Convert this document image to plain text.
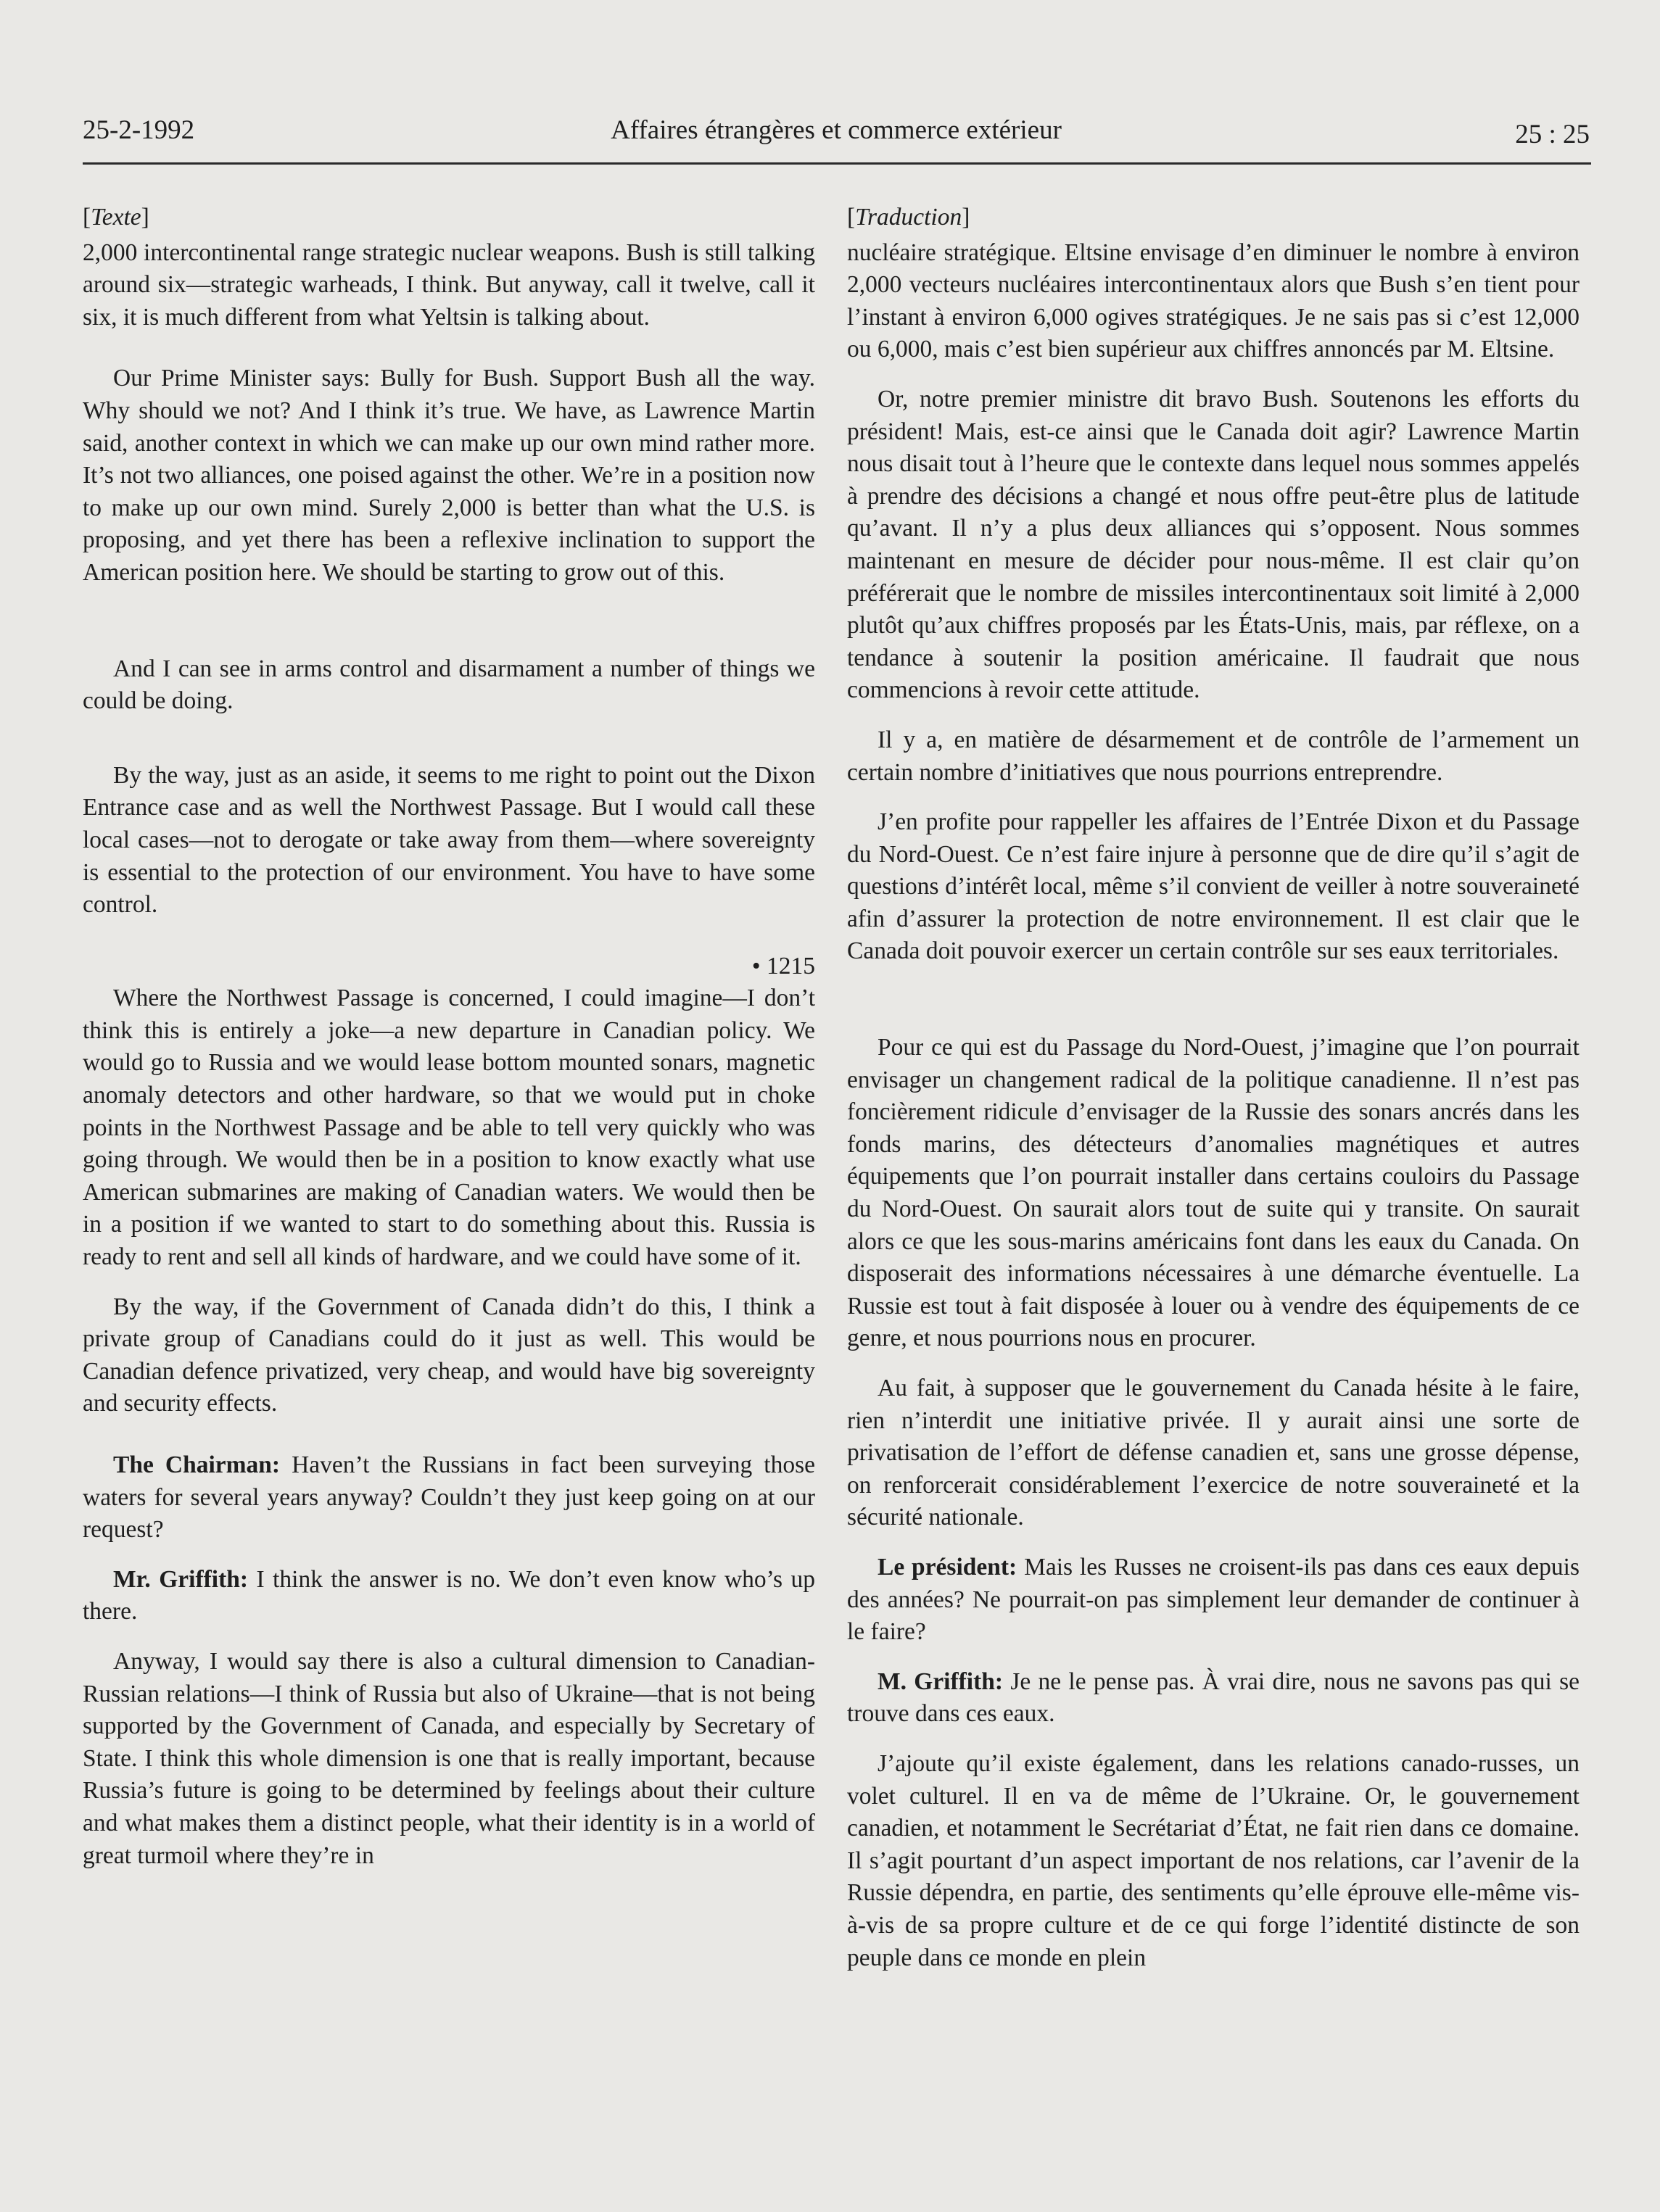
25-2-1992	Affaires étrangères et commerce extérieur	25 : 25

[ Texte ]

2,000 intercontinental range strategic nuclear weapons. Bush is still talking around six—strategic warheads, I think. But anyway, call it twelve, call it six, it is much different from what Yeltsin is talking about.

Our Prime Minister says: Bully for Bush. Support Bush all the way. Why should we not? And I think it’s true. We have, as Lawrence Martin said, another context in which we can make up our own mind rather more. It’s not two alliances, one poised against the other. We’re in a position now to make up our own mind. Surely 2,000 is better than what the U.S. is proposing, and yet there has been a reflexive inclination to support the American position here. We should be starting to grow out of this.

And I can see in arms control and disarmament a number of things we could be doing.

By the way, just as an aside, it seems to me right to point out the Dixon Entrance case and as well the Northwest Passage. But I would call these local cases—not to derogate or take away from them—where sovereignty is essential to the protection of our environment. You have to have some control.

• 1215

Where the Northwest Passage is concerned, I could imagine—I don’t think this is entirely a joke—a new departure in Canadian policy. We would go to Russia and we would lease bottom mounted sonars, magnetic anomaly detectors and other hardware, so that we would put in choke points in the Northwest Passage and be able to tell very quickly who was going through. We would then be in a position to know exactly what use American submarines are making of Canadian waters. We would then be in a position if we wanted to start to do something about this. Russia is ready to rent and sell all kinds of hardware, and we could have some of it.

By the way, if the Government of Canada didn’t do this, I think a private group of Canadians could do it just as well. This would be Canadian defence privatized, very cheap, and would have big sovereignty and security effects.

The Chairman: Haven’t the Russians in fact been surveying those waters for several years anyway? Couldn’t they just keep going on at our request?

Mr. Griffith: I think the answer is no. We don’t even know who’s up there.

Anyway, I would say there is also a cultural dimension to Canadian-Russian relations—I think of Russia but also of Ukraine—that is not being supported by the Government of Canada, and especially by Secretary of State. I think this whole dimension is one that is really important, because Russia’s future is going to be determined by feelings about their culture and what makes them a distinct people, what their identity is in a world of great turmoil where they’re in

[ Traduction ]

nucléaire stratégique. Eltsine envisage d’en diminuer le nombre à environ 2,000 vecteurs nucléaires intercontinentaux alors que Bush s’en tient pour l’instant à environ 6,000 ogives stratégiques. Je ne sais pas si c’est 12,000 ou 6,000, mais c’est bien supérieur aux chiffres annoncés par M. Eltsine.

Or, notre premier ministre dit bravo Bush. Soutenons les efforts du président! Mais, est-ce ainsi que le Canada doit agir? Lawrence Martin nous disait tout à l’heure que le contexte dans lequel nous sommes appelés à prendre des décisions a changé et nous offre peut-être plus de latitude qu’avant. Il n’y a plus deux alliances qui s’opposent. Nous sommes maintenant en mesure de décider pour nous-même. Il est clair qu’on préférerait que le nombre de missiles intercontinentaux soit limité à 2,000 plutôt qu’aux chiffres proposés par les États-Unis, mais, par réflexe, on a tendance à soutenir la position américaine. Il faudrait que nous commencions à revoir cette attitude.

Il y a, en matière de désarmement et de contrôle de l’armement un certain nombre d’initiatives que nous pourrions entreprendre.

J’en profite pour rappeller les affaires de l’Entrée Dixon et du Passage du Nord-Ouest. Ce n’est faire injure à personne que de dire qu’il s’agit de questions d’intérêt local, même s’il convient de veiller à notre souveraineté afin d’assurer la protection de notre environnement. Il est clair que le Canada doit pouvoir exercer un certain contrôle sur ses eaux territoriales.

Pour ce qui est du Passage du Nord-Ouest, j’imagine que l’on pourrait envisager un changement radical de la politique canadienne. Il n’est pas foncièrement ridicule d’envisager de la Russie des sonars ancrés dans les fonds marins, des détecteurs d’anomalies magnétiques et autres équipements que l’on pourrait installer dans certains couloirs du Passage du Nord-Ouest. On saurait alors tout de suite qui y transite. On saurait alors ce que les sous-marins américains font dans les eaux du Canada. On disposerait des informations nécessaires à une démarche éventuelle. La Russie est tout à fait disposée à louer ou à vendre des équipements de ce genre, et nous pourrions nous en procurer.

Au fait, à supposer que le gouvernement du Canada hésite à le faire, rien n’interdit une initiative privée. Il y aurait ainsi une sorte de privatisation de l’effort de défense canadien et, sans une grosse dépense, on renforcerait considérablement l’exercice de notre souveraineté et la sécurité nationale.

Le président: Mais les Russes ne croisent-ils pas dans ces eaux depuis des années? Ne pourrait-on pas simplement leur demander de continuer à le faire?

M. Griffith: Je ne le pense pas. À vrai dire, nous ne savons pas qui se trouve dans ces eaux.

J’ajoute qu’il existe également, dans les relations canado-russes, un volet culturel. Il en va de même de l’Ukraine. Or, le gouvernement canadien, et notamment le Secrétariat d’État, ne fait rien dans ce domaine. Il s’agit pourtant d’un aspect important de nos relations, car l’avenir de la Russie dépendra, en partie, des sentiments qu’elle éprouve elle-même vis-à-vis de sa propre culture et de ce qui forge l’identité distincte de son peuple dans ce monde en plein
